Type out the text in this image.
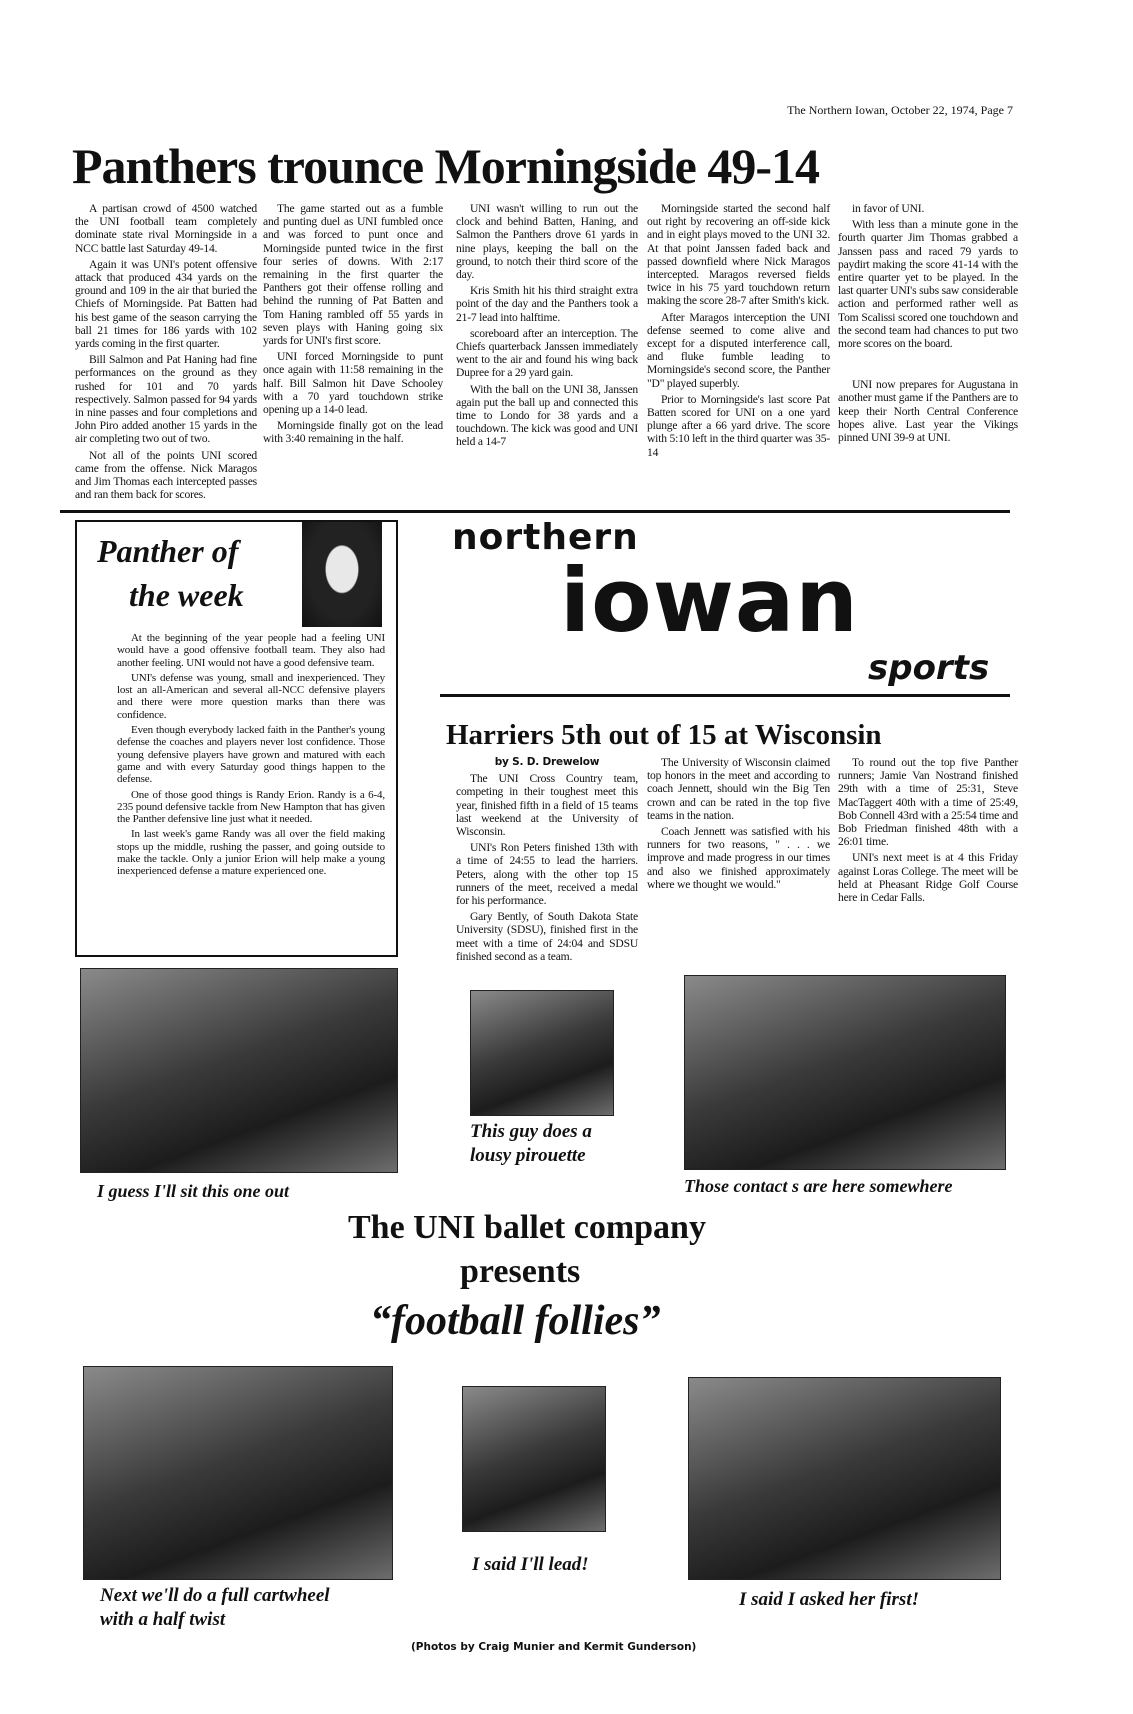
The Northern Iowan, October 22, 1974, Page 7
Panthers trounce Morningside 49-14

A partisan crowd of 4500 watched the UNI football team completely dominate state rival Morningside in a NCC battle last Saturday 49-14.

Again it was UNI's potent offensive attack that produced 434 yards on the ground and 109 in the air that buried the Chiefs of Morningside. Pat Batten had his best game of the season carrying the ball 21 times for 186 yards with 102 yards coming in the first quarter.

Bill Salmon and Pat Haning had fine performances on the ground as they rushed for 101 and 70 yards respectively. Salmon passed for 94 yards in nine passes and four completions and John Piro added another 15 yards in the air completing two out of two.

Not all of the points UNI scored came from the offense. Nick Maragos and Jim Thomas each intercepted passes and ran them back for scores.

The game started out as a fumble and punting duel as UNI fumbled once and was forced to punt once and Morningside punted twice in the first four series of downs. With 2:17 remaining in the first quarter the Panthers got their offense rolling and behind the running of Pat Batten and Tom Haning rambled off 55 yards in seven plays with Haning going six yards for UNI's first score.

UNI forced Morningside to punt once again with 11:58 remaining in the half. Bill Salmon hit Dave Schooley with a 70 yard touchdown strike opening up a 14-0 lead.

Morningside finally got on the lead with 3:40 remaining in the half.

UNI wasn't willing to run out the clock and behind Batten, Haning, and Salmon the Panthers drove 61 yards in nine plays, keeping the ball on the ground, to notch their third score of the day.

Kris Smith hit his third straight extra point of the day and the Panthers took a 21-7 lead into halftime.

scoreboard after an interception. The Chiefs quarterback Janssen immediately went to the air and found his wing back Dupree for a 29 yard gain.

With the ball on the UNI 38, Janssen again put the ball up and connected this time to Londo for 38 yards and a touchdown. The kick was good and UNI held a 14-7

Morningside started the second half out right by recovering an off-side kick and in eight plays moved to the UNI 32. At that point Janssen faded back and passed downfield where Nick Maragos intercepted. Maragos reversed fields twice in his 75 yard touchdown return making the score 28-7 after Smith's kick.

After Maragos interception the UNI defense seemed to come alive and except for a disputed interference call, and fluke fumble leading to Morningside's second score, the Panther "D" played superbly.

Prior to Morningside's last score Pat Batten scored for UNI on a one yard plunge after a 66 yard drive. The score with 5:10 left in the third quarter was 35-14

in favor of UNI.

With less than a minute gone in the fourth quarter Jim Thomas grabbed a Janssen pass and raced 79 yards to paydirt making the score 41-14 with the entire quarter yet to be played. In the last quarter UNI's subs saw considerable action and performed rather well as Tom Scalissi scored one touchdown and the second team had chances to put two more scores on the board.

UNI now prepares for Augustana in another must game if the Panthers are to keep their North Central Conference hopes alive. Last year the Vikings pinned UNI 39-9 at UNI.

Panther of
the week

At the beginning of the year people had a feeling UNI would have a good offensive football team. They also had another feeling. UNI would not have a good defensive team.

UNI's defense was young, small and inexperienced. They lost an all-American and several all-NCC defensive players and there were more question marks than there was confidence.

Even though everybody lacked faith in the Panther's young defense the coaches and players never lost confidence. Those young defensive players have grown and matured with each game and with every Saturday good things happen to the defense.

One of those good things is Randy Erion. Randy is a 6-4, 235 pound defensive tackle from New Hampton that has given the Panther defensive line just what it needed.

In last week's game Randy was all over the field making stops up the middle, rushing the passer, and going outside to make the tackle. Only a junior Erion will help make a young inexperienced defense a mature experienced one.

northern
iowan
sports
Harriers 5th out of 15 at Wisconsin
by S. D. Drewelow

The UNI Cross Country team, competing in their toughest meet this year, finished fifth in a field of 15 teams last weekend at the University of Wisconsin.

UNI's Ron Peters finished 13th with a time of 24:55 to lead the harriers. Peters, along with the other top 15 runners of the meet, received a medal for his performance.

Gary Bently, of South Dakota State University (SDSU), finished first in the meet with a time of 24:04 and SDSU finished second as a team.

The University of Wisconsin claimed top honors in the meet and according to coach Jennett, should win the Big Ten crown and can be rated in the top five teams in the nation.

Coach Jennett was satisfied with his runners for two reasons, " . . . we improve and made progress in our times and also we finished approximately where we thought we would."

To round out the top five Panther runners; Jamie Van Nostrand finished 29th with a time of 25:31, Steve MacTaggert 40th with a time of 25:49, Bob Connell 43rd with a 25:54 time and Bob Friedman finished 48th with a 26:01 time.

UNI's next meet is at 4 this Friday against Loras College. The meet will be held at Pheasant Ridge Golf Course here in Cedar Falls.

This guy does a lousy pirouette
I guess I'll sit this one out	Those contact s are here somewhere
The UNI ballet company
presents
“football follies”
I said I'll lead!
Next we'll do a full cartwheel with a half twist
I said I asked her first!
(Photos by Craig Munier and Kermit Gunderson)
